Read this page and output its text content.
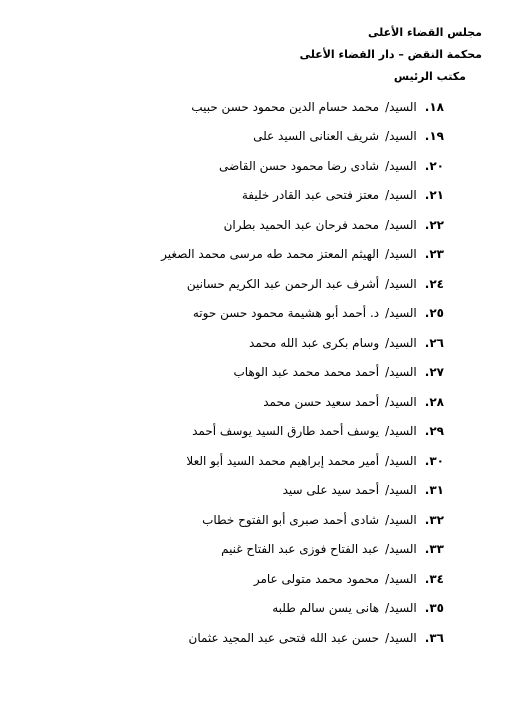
مجلس القضاء الأعلى
محكمة النقض – دار القضاء الأعلى
مكتب الرئيس
١٨.
السيد/
محمد حسام الدين محمود حسن حبيب
١٩.
السيد/
شريف العنانى السيد على
٢٠.
السيد/
شادى رضا محمود حسن القاضى
٢١.
السيد/
معتز فتحى عبد القادر خليفة
٢٢.
السيد/
محمد فرحان عبد الحميد بطران
٢٣.
السيد/
الهيثم المعتز محمد طه مرسى محمد الصغير
٢٤.
السيد/
أشرف عبد الرحمن عبد الكريم حسانين
٢٥.
السيد/
د. أحمد أبو هشيمة محمود حسن حوته
٢٦.
السيد/
وسام بكرى عبد الله محمد
٢٧.
السيد/
أحمد محمد محمد عبد الوهاب
٢٨.
السيد/
أحمد سعيد حسن محمد
٢٩.
السيد/
يوسف أحمد طارق السيد يوسف أحمد
٣٠.
السيد/
أمير محمد إبراهيم محمد السيد أبو العلا
٣١.
السيد/
أحمد سيد على سيد
٣٢.
السيد/
شادى أحمد صبرى أبو الفتوح خطاب
٣٣.
السيد/
عبد الفتاح فوزى عبد الفتاح غنيم
٣٤.
السيد/
محمود محمد متولى عامر
٣٥.
السيد/
هانى يسن سالم طلبه
٣٦.
السيد/
حسن عبد الله فتحى عبد المجيد عثمان
